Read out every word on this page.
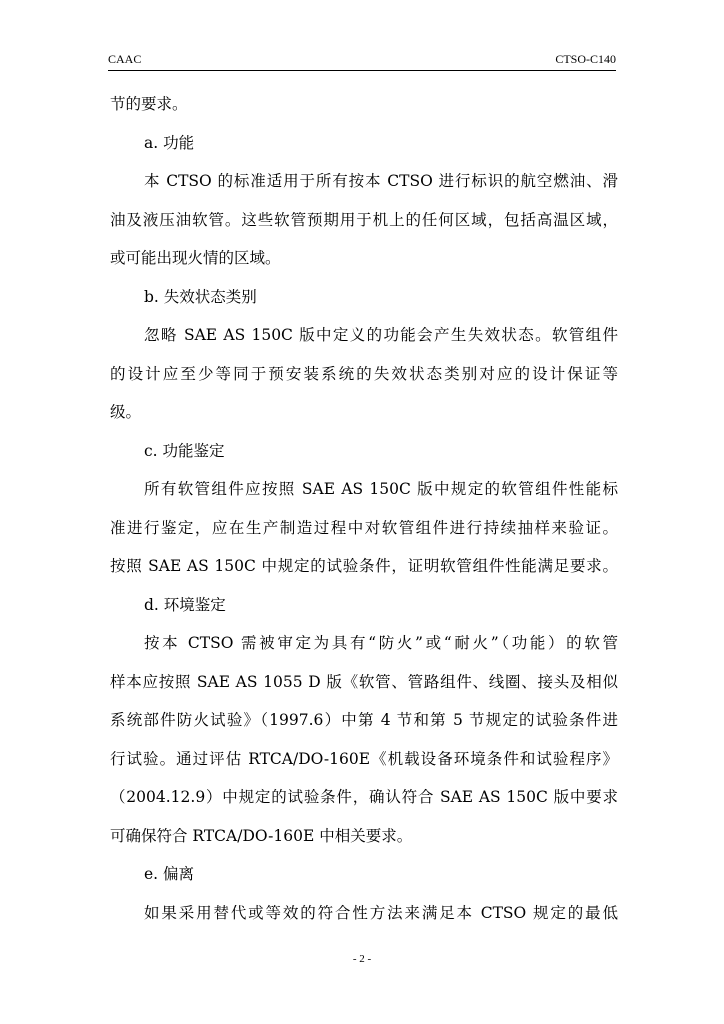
CAAC	CTSO-C140
节的要求。
a. 功能
本 CTSO 的标准适用于所有按本 CTSO 进行标识的航空燃油、滑
油及液压油软管。这些软管预期用于机上的任何区域，包括高温区域，
或可能出现火情的区域。
b. 失效状态类别
忽略 SAE AS 150C 版中定义的功能会产生失效状态。软管组件
的设计应至少等同于预安装系统的失效状态类别对应的设计保证等
级。
c. 功能鉴定
所有软管组件应按照 SAE AS 150C 版中规定的软管组件性能标
准进行鉴定，应在生产制造过程中对软管组件进行持续抽样来验证。
按照 SAE AS 150C 中规定的试验条件，证明软管组件性能满足要求。
d. 环境鉴定
按本 CTSO 需被审定为具有“防火”或“耐火”（功能）的软管
样本应按照 SAE AS 1055 D 版《软管、管路组件、线圈、接头及相似
系统部件防火试验》（1997.6）中第 4 节和第 5 节规定的试验条件进
行试验。通过评估 RTCA/DO-160E《机载设备环境条件和试验程序》
（2004.12.9）中规定的试验条件，确认符合 SAE AS 150C 版中要求
可确保符合 RTCA/DO-160E 中相关要求。
e. 偏离
如果采用替代或等效的符合性方法来满足本 CTSO 规定的最低
- 2 -
